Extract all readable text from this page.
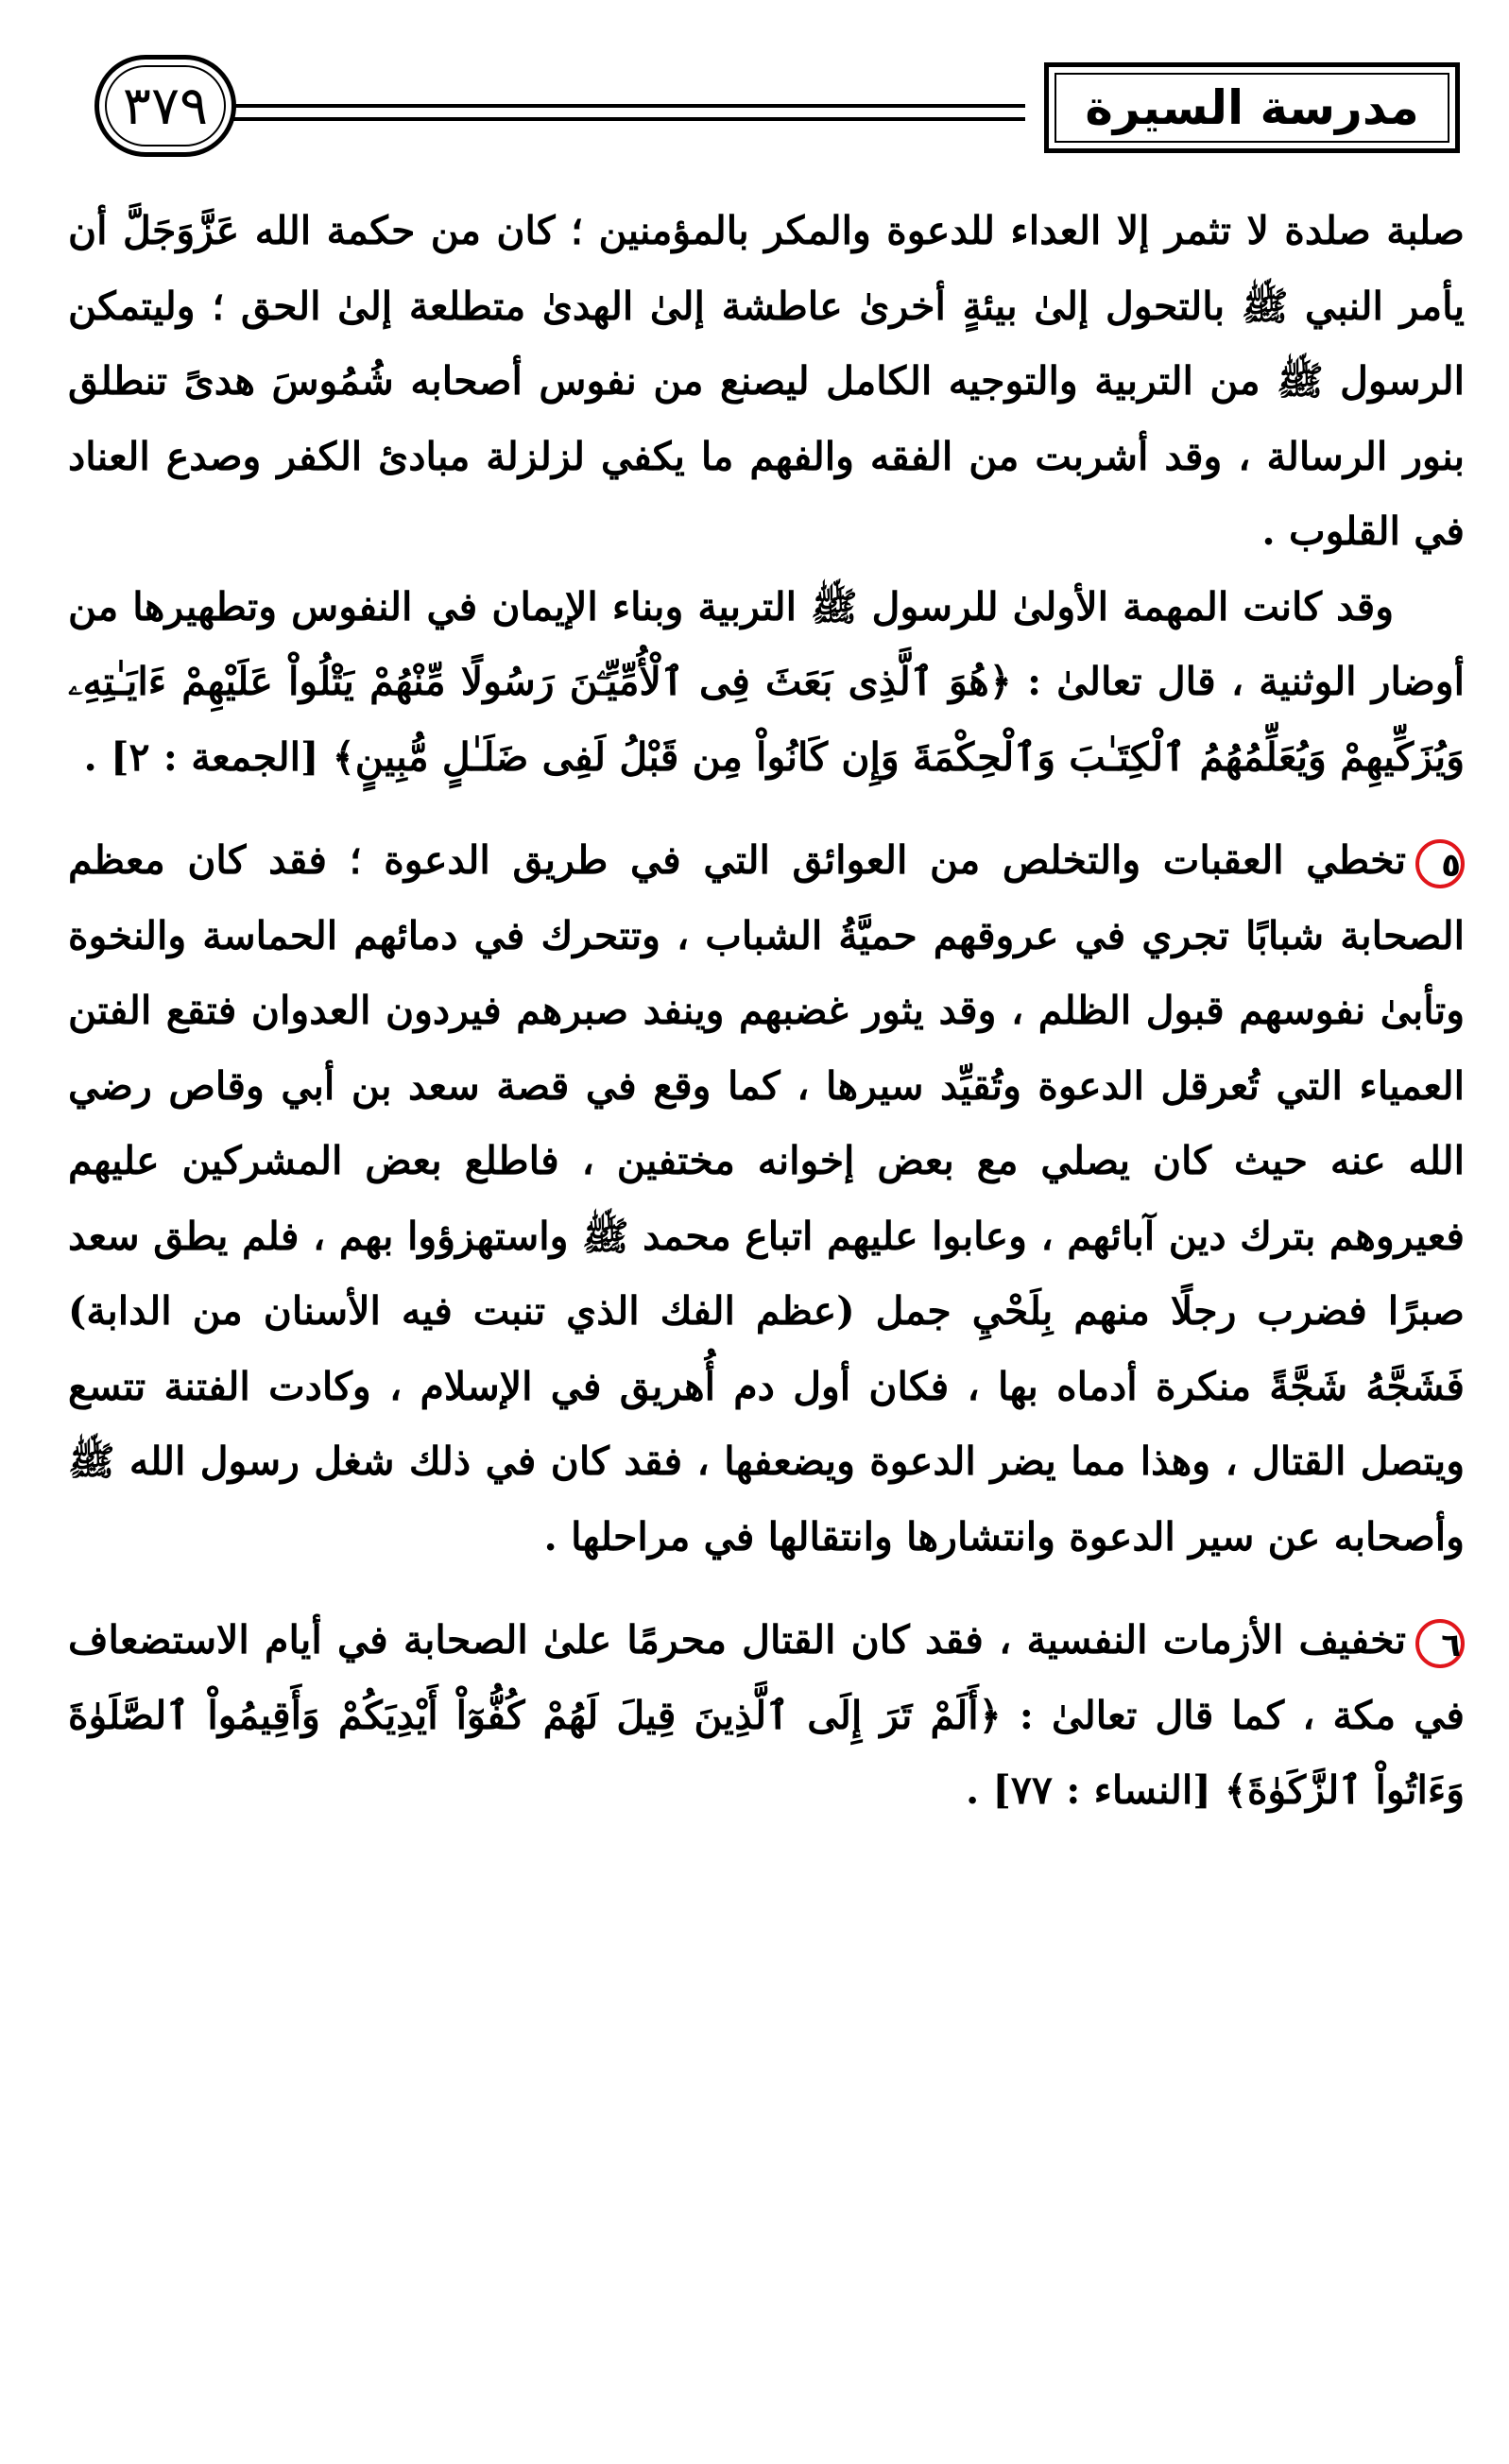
مدرسة السيرة
٣٧٩

صلبة صلدة لا تثمر إلا العداء للدعوة والمكر بالمؤمنين ؛ كان من حكمة الله عَزَّوَجَلَّ أن يأمر النبي ﷺ بالتحول إلىٰ بيئةٍ أخرىٰ عاطشة إلىٰ الهدىٰ متطلعة إلىٰ الحق ؛ وليتمكن الرسول ﷺ من التربية والتوجيه الكامل ليصنع من نفوس أصحابه شُمُوسَ هدىً تنطلق بنور الرسالة ، وقد أشربت من الفقه والفهم ما يكفي لزلزلة مبادئ الكفر وصدع العناد في القلوب .

وقد كانت المهمة الأولىٰ للرسول ﷺ التربية وبناء الإيمان في النفوس وتطهيرها من أوضار الوثنية ، قال تعالىٰ : ﴿هُوَ ٱلَّذِى بَعَثَ فِى ٱلْأُمِّيِّـۧنَ رَسُولًا مِّنْهُمْ يَتْلُواْ عَلَيْهِمْ ءَايَـٰتِهِۦ وَيُزَكِّيهِمْ وَيُعَلِّمُهُمُ ٱلْكِتَـٰبَ وَٱلْحِكْمَةَ وَإِن كَانُواْ مِن قَبْلُ لَفِى ضَلَـٰلٍ مُّبِينٍ﴾ [الجمعة : ٢] .

٥تخطي العقبات والتخلص من العوائق التي في طريق الدعوة ؛ فقد كان معظم الصحابة شبابًا تجري في عروقهم حميَّةُ الشباب ، وتتحرك في دمائهم الحماسة والنخوة وتأبىٰ نفوسهم قبول الظلم ، وقد يثور غضبهم وينفد صبرهم فيردون العدوان فتقع الفتن العمياء التي تُعرقل الدعوة وتُقيِّد سيرها ، كما وقع في قصة سعد بن أبي وقاص رضي الله عنه حيث كان يصلي مع بعض إخوانه مختفين ، فاطلع بعض المشركين عليهم فعيروهم بترك دين آبائهم ، وعابوا عليهم اتباع محمد ﷺ واستهزؤوا بهم ، فلم يطق سعد صبرًا فضرب رجلًا منهم بِلَحْيِ جمل (عظم الفك الذي تنبت فيه الأسنان من الدابة) فَشَجَّهُ شَجَّةً منكرة أدماه بها ، فكان أول دم أُهريق في الإسلام ، وكادت الفتنة تتسع ويتصل القتال ، وهذا مما يضر الدعوة ويضعفها ، فقد كان في ذلك شغل رسول الله ﷺ وأصحابه عن سير الدعوة وانتشارها وانتقالها في مراحلها .

٦تخفيف الأزمات النفسية ، فقد كان القتال محرمًا علىٰ الصحابة في أيام الاستضعاف في مكة ، كما قال تعالىٰ : ﴿أَلَمْ تَرَ إِلَى ٱلَّذِينَ قِيلَ لَهُمْ كُفُّوٓاْ أَيْدِيَكُمْ وَأَقِيمُواْ ٱلصَّلَوٰةَ وَءَاتُواْ ٱلزَّكَوٰةَ﴾ [النساء : ٧٧] .
